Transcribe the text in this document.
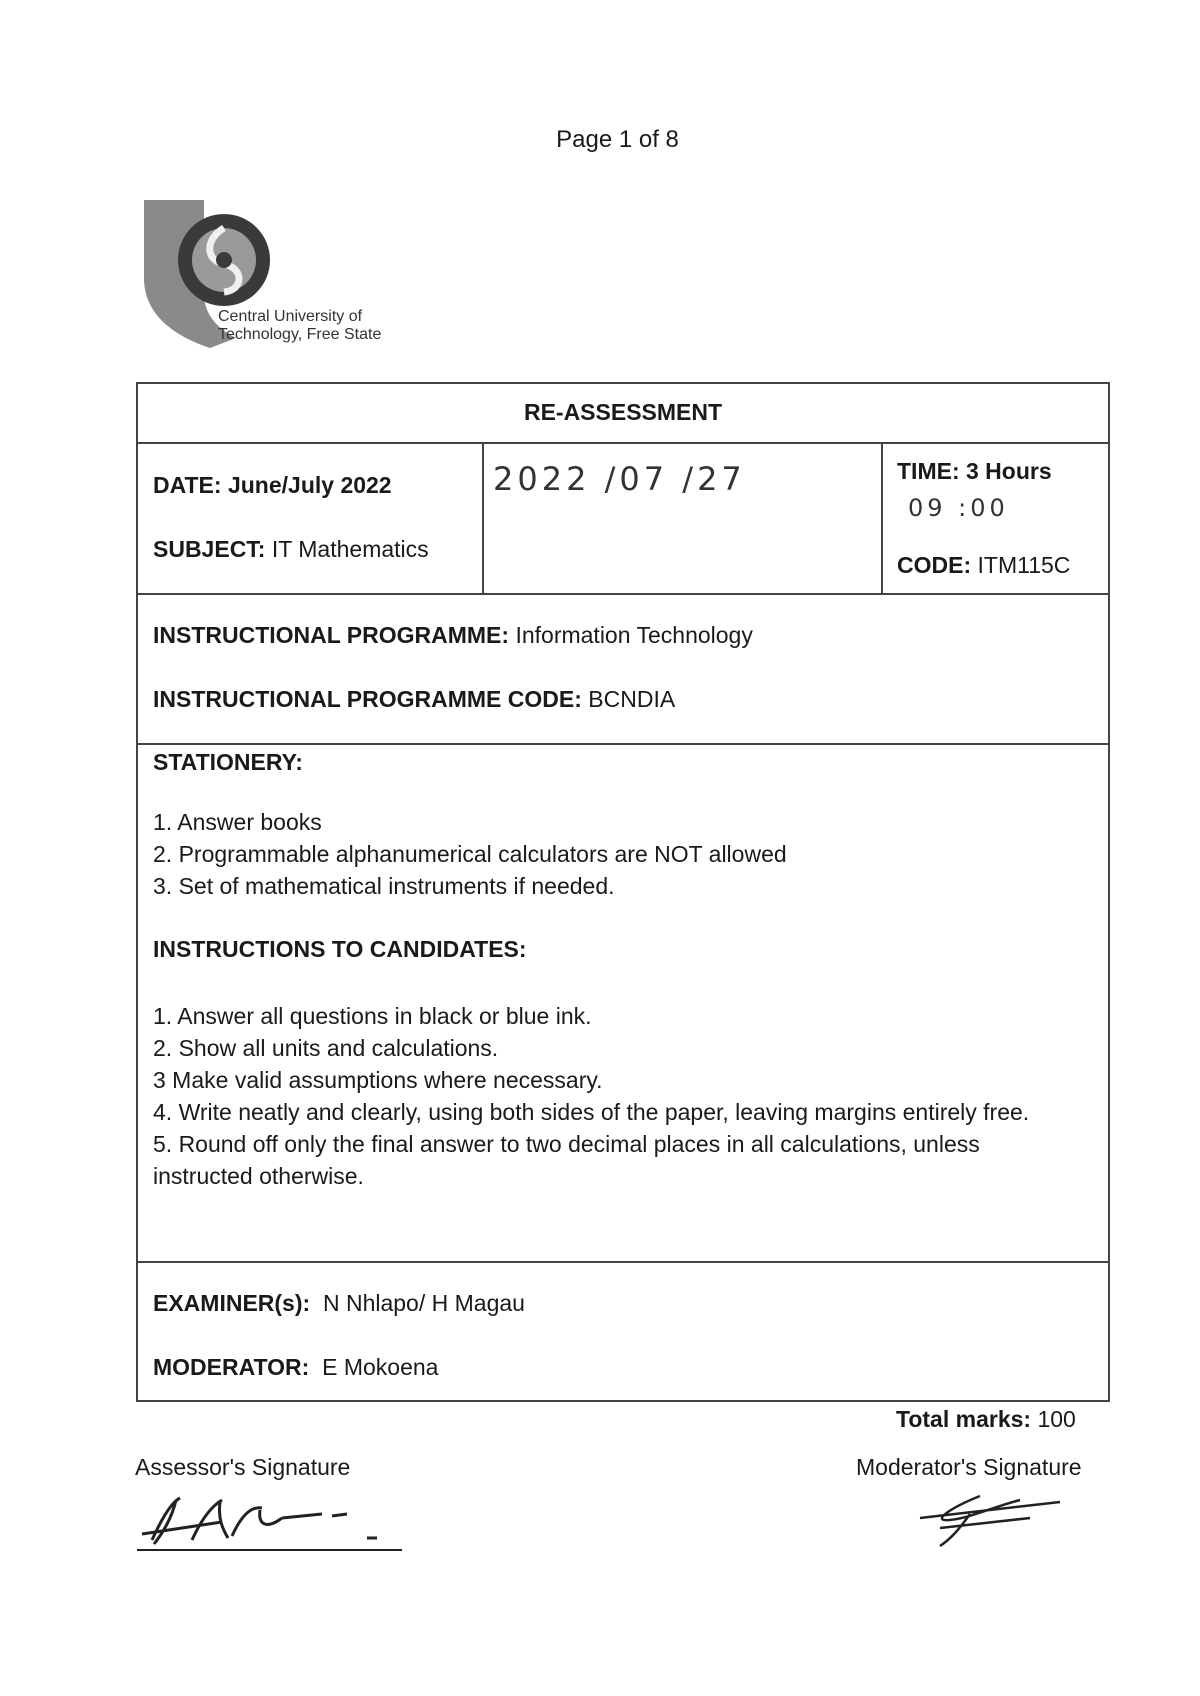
Page 1 of 8
Central University of
Technology, Free State
RE-ASSESSMENT
DATE: June/July 2022
SUBJECT: IT Mathematics
2022 /07 /27	TIME: 3 Hours
09 :00
CODE: ITM115C
INSTRUCTIONAL PROGRAMME: Information Technology
INSTRUCTIONAL PROGRAMME CODE: BCNDIA
STATIONERY:
1. Answer books
2. Programmable alphanumerical calculators are NOT allowed
3. Set of mathematical instruments if needed.
INSTRUCTIONS TO CANDIDATES:
1. Answer all questions in black or blue ink.
2. Show all units and calculations.
3 Make valid assumptions where necessary.
4. Write neatly and clearly, using both sides of the paper, leaving margins entirely free.
5. Round off only the final answer to two decimal places in all calculations, unless
instructed otherwise.
EXAMINER(s): N Nhlapo/ H Magau
MODERATOR: E Mokoena
Total marks: 100
Assessor's Signature	Moderator's Signature
